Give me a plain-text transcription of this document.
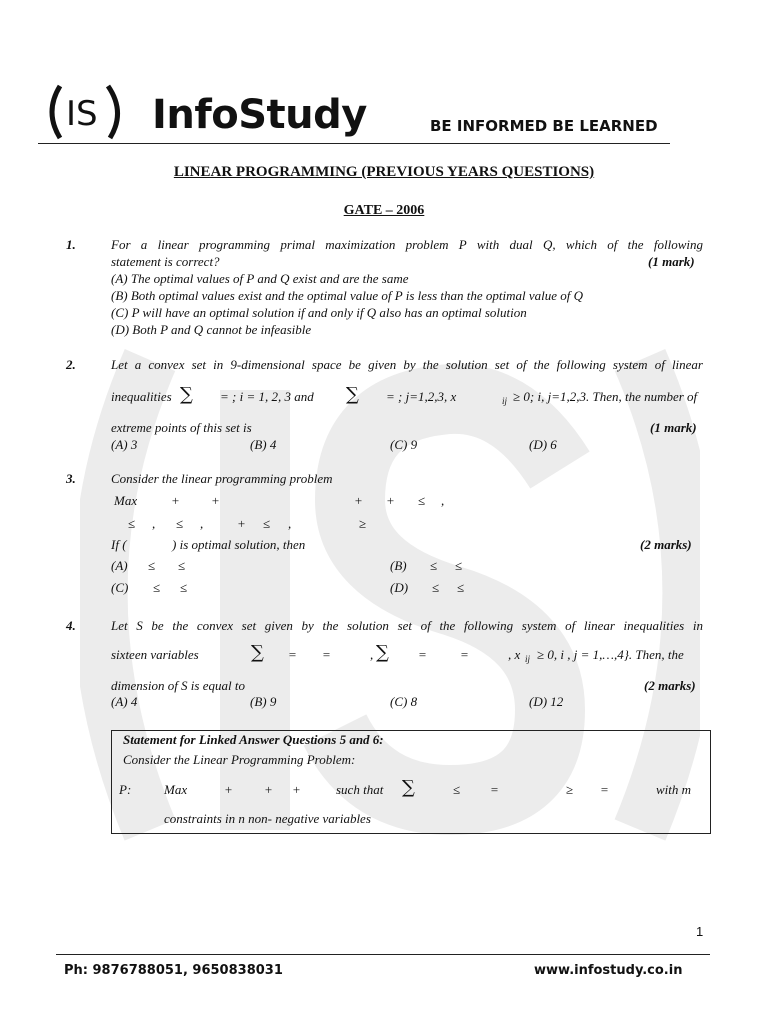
IS InfoStudy	BE INFORMED BE LEARNED
LINEAR PROGRAMMING (PREVIOUS YEARS QUESTIONS)
GATE – 2006
1.	For a linear programming primal maximization problem P with dual Q, which of the following
statement is correct?	(1 mark)
(A) The optimal values of P and Q exist and are the same
(B) Both optimal values exist and the optimal value of P is less than the optimal value of Q
(C) P will have an optimal solution if and only if Q also has an optimal solution
(D) Both P and Q cannot be infeasible
2.	Let a convex set in 9-dimensional space be given by the solution set of the following system of linear
inequalities ∑ = ; i = 1, 2, 3 and ∑ = ; j=1,2,3, x	ij ≥ 0; i, j=1,2,3. Then, the number of
extreme points of this set is	(1 mark)
(A) 3	(B) 4	(C) 9	(D) 6
3.	Consider the linear programming problem
Max	+ +	+ + ≤ ,
≤ , ≤ ,	+ ≤ ,	≥
If (	) is optimal solution, then	(2 marks)
(A) ≤ ≤	(B) ≤ ≤
(C) ≤ ≤	(D) ≤ ≤
4.	Let S be the convex set given by the solution set of the following system of linear inequalities in
sixteen variables	∑ = =	, ∑ =	=	, x ij ≥ 0, i , j = 1,…,4}. Then, the
dimension of S is equal to	(2 marks)
(A) 4	(B) 9	(C) 8	(D) 12
Statement for Linked Answer Questions 5 and 6:
Consider the Linear Programming Problem:
P:	Max	+ + +	such that ∑	≤ =	≥ =	with m
constraints in n non- negative variables
1
Ph: 9876788051, 9650838031	www.infostudy.co.in
